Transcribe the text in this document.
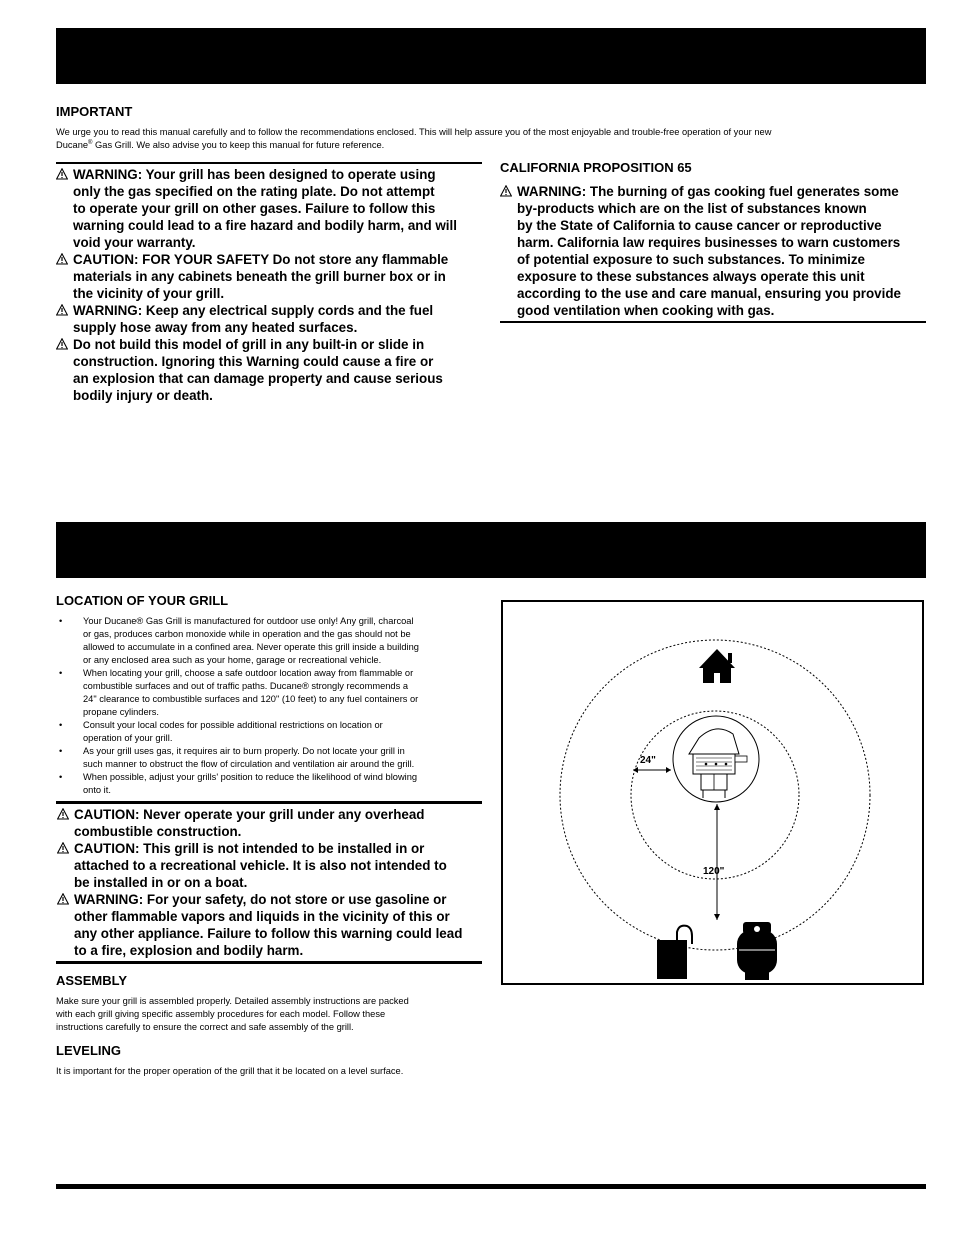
IMPORTANT
We urge you to read this manual carefully and to follow the recommendations enclosed. This will help assure you of the most enjoyable and trouble-free operation of your new
Ducane® Gas Grill. We also advise you to keep this manual for future reference.
WARNING: Your grill has been designed to operate using
only the gas specified on the rating plate. Do not attempt
to operate your grill on other gases. Failure to follow this
warning could lead to a fire hazard and bodily harm, and will
void your warranty.
CAUTION: FOR YOUR SAFETY Do not store any flammable
materials in any cabinets beneath the grill burner box or in
the vicinity of your grill.
WARNING: Keep any electrical supply cords and the fuel
supply hose away from any heated surfaces.
Do not build this model of grill in any built-in or slide in
construction. Ignoring this Warning could cause a fire or
an explosion that can damage property and cause serious
bodily injury or death.
CALIFORNIA PROPOSITION 65
WARNING: The burning of gas cooking fuel generates some
by-products which are on the list of substances known
by the State of California to cause cancer or reproductive
harm. California law requires businesses to warn customers
of potential exposure to such substances. To minimize
exposure to these substances always operate this unit
according to the use and care manual, ensuring you provide
good ventilation when cooking with gas.
LOCATION OF YOUR GRILL
• Your Ducane® Gas Grill is manufactured for outdoor use only! Any grill, charcoal
or gas, produces carbon monoxide while in operation and the gas should not be
allowed to accumulate in a confined area. Never operate this grill inside a building
or any enclosed area such as your home, garage or recreational vehicle.
• When locating your grill, choose a safe outdoor location away from flammable or
combustible surfaces and out of traffic paths. Ducane® strongly recommends a
24" clearance to combustible surfaces and 120" (10 feet) to any fuel containers or
propane cylinders.
• Consult your local codes for possible additional restrictions on location or
operation of your grill.
• As your grill uses gas, it requires air to burn properly. Do not locate your grill in
such manner to obstruct the flow of circulation and ventilation air around the grill.
• When possible, adjust your grills' position to reduce the likelihood of wind blowing
onto it.
CAUTION: Never operate your grill under any overhead
combustible construction.
CAUTION: This grill is not intended to be installed in or
attached to a recreational vehicle. It is also not intended to
be installed in or on a boat.
WARNING: For your safety, do not store or use gasoline or
other flammable vapors and liquids in the vicinity of this or
any other appliance. Failure to follow this warning could lead
to a fire, explosion and bodily harm.
ASSEMBLY
Make sure your grill is assembled properly. Detailed assembly instructions are packed
with each grill giving specific assembly procedures for each model. Follow these
instructions carefully to ensure the correct and safe assembly of the grill.
LEVELING
It is important for the proper operation of the grill that it be located on a level surface.
24"
120"
